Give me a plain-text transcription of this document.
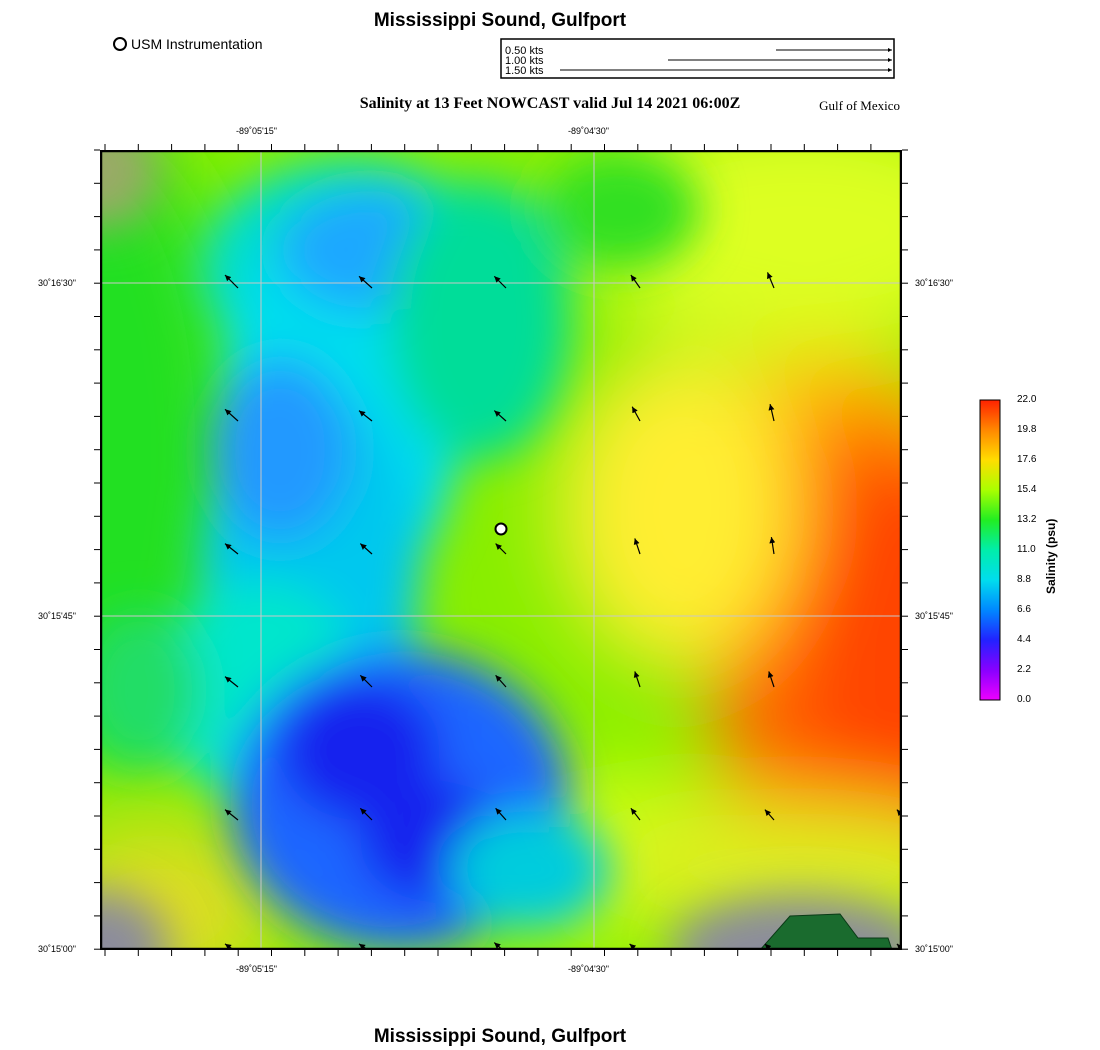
Mississippi Sound, Gulfport
USM Instrumentation	0.50 kts
1.00 kts
1.50 kts
Salinity at 13 Feet NOWCAST valid Jul 14 2021 06:00Z	Gulf of Mexico
-89˚05'15"	-89˚04'30"
-89˚05'15"	-89˚04'30"
30˚16'30"
30˚15'45"
30˚15'00"
30˚16'30"
30˚15'45"
30˚15'00"
22.0
19.8
17.6
15.4
13.2
11.0
8.8
6.6
4.4
2.2
0.0
Salinity (psu)
Mississippi Sound, Gulfport
